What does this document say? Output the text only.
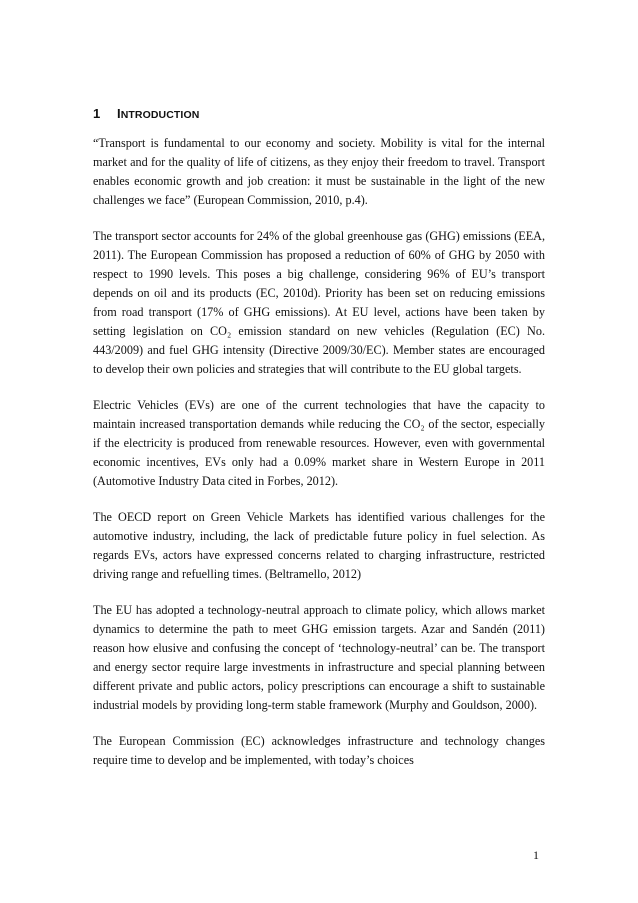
1 INTRODUCTION

“Transport is fundamental to our economy and society. Mobility is vital for the internal market and for the quality of life of citizens, as they enjoy their freedom to travel. Transport enables economic growth and job creation: it must be sustainable in the light of the new challenges we face” (European Commission, 2010, p.4).

The transport sector accounts for 24% of the global greenhouse gas (GHG) emissions (EEA, 2011). The European Commission has proposed a reduction of 60% of GHG by 2050 with respect to 1990 levels. This poses a big challenge, considering 96% of EU’s transport depends on oil and its products (EC, 2010d). Priority has been set on reducing emissions from road transport (17% of GHG emissions). At EU level, actions have been taken by setting legislation on CO₂ emission standard on new vehicles (Regulation (EC) No. 443/2009) and fuel GHG intensity (Directive 2009/30/EC). Member states are encouraged to develop their own policies and strategies that will contribute to the EU global targets.

Electric Vehicles (EVs) are one of the current technologies that have the capacity to maintain increased transportation demands while reducing the CO₂ of the sector, especially if the electricity is produced from renewable resources. However, even with governmental economic incentives, EVs only had a 0.09% market share in Western Europe in 2011 (Automotive Industry Data cited in Forbes, 2012).

The OECD report on Green Vehicle Markets has identified various challenges for the automotive industry, including, the lack of predictable future policy in fuel selection. As regards EVs, actors have expressed concerns related to charging infrastructure, restricted driving range and refuelling times. (Beltramello, 2012)

The EU has adopted a technology-neutral approach to climate policy, which allows market dynamics to determine the path to meet GHG emission targets. Azar and Sandén (2011) reason how elusive and confusing the concept of ‘technology-neutral’ can be. The transport and energy sector require large investments in infrastructure and special planning between different private and public actors, policy prescriptions can encourage a shift to sustainable industrial models by providing long-term stable framework (Murphy and Gouldson, 2000).

The European Commission (EC) acknowledges infrastructure and technology changes require time to develop and be implemented, with today’s choices

1
